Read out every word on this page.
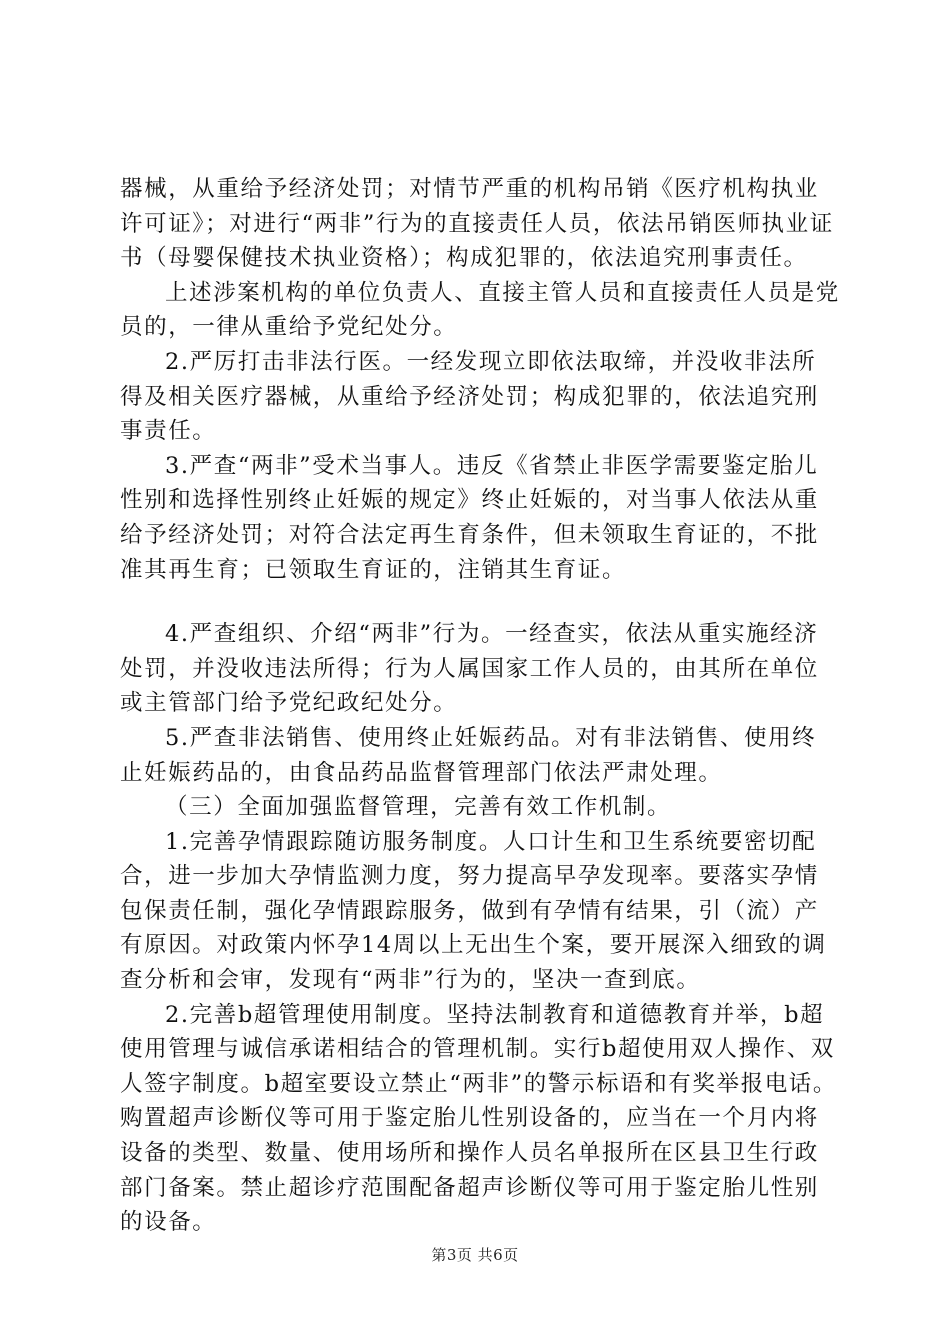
器械，从重给予经济处罚；对情节严重的机构吊销《医疗机构执业许可证》；对进行“两非”行为的直接责任人员，依法吊销医师执业证书（母婴保健技术执业资格）；构成犯罪的，依法追究刑事责任。

上述涉案机构的单位负责人、直接主管人员和直接责任人员是党员的，一律从重给予党纪处分。

2.严厉打击非法行医。一经发现立即依法取缔，并没收非法所得及相关医疗器械，从重给予经济处罚；构成犯罪的，依法追究刑事责任。

3.严查“两非”受术当事人。违反《省禁止非医学需要鉴定胎儿性别和选择性别终止妊娠的规定》终止妊娠的，对当事人依法从重给予经济处罚；对符合法定再生育条件，但未领取生育证的，不批准其再生育；已领取生育证的，注销其生育证。

4.严查组织、介绍“两非”行为。一经查实，依法从重实施经济处罚，并没收违法所得；行为人属国家工作人员的，由其所在单位或主管部门给予党纪政纪处分。

5.严查非法销售、使用终止妊娠药品。对有非法销售、使用终止妊娠药品的，由食品药品监督管理部门依法严肃处理。

（三）全面加强监督管理，完善有效工作机制。

1.完善孕情跟踪随访服务制度。人口计生和卫生系统要密切配合，进一步加大孕情监测力度，努力提高早孕发现率。要落实孕情包保责任制，强化孕情跟踪服务，做到有孕情有结果，引（流）产有原因。对政策内怀孕14周以上无出生个案，要开展深入细致的调查分析和会审，发现有“两非”行为的，坚决一查到底。

2.完善b超管理使用制度。坚持法制教育和道德教育并举，b超使用管理与诚信承诺相结合的管理机制。实行b超使用双人操作、双人签字制度。b超室要设立禁止“两非”的警示标语和有奖举报电话。购置超声诊断仪等可用于鉴定胎儿性别设备的，应当在一个月内将设备的类型、数量、使用场所和操作人员名单报所在区县卫生行政部门备案。禁止超诊疗范围配备超声诊断仪等可用于鉴定胎儿性别的设备。

第3页 共6页
